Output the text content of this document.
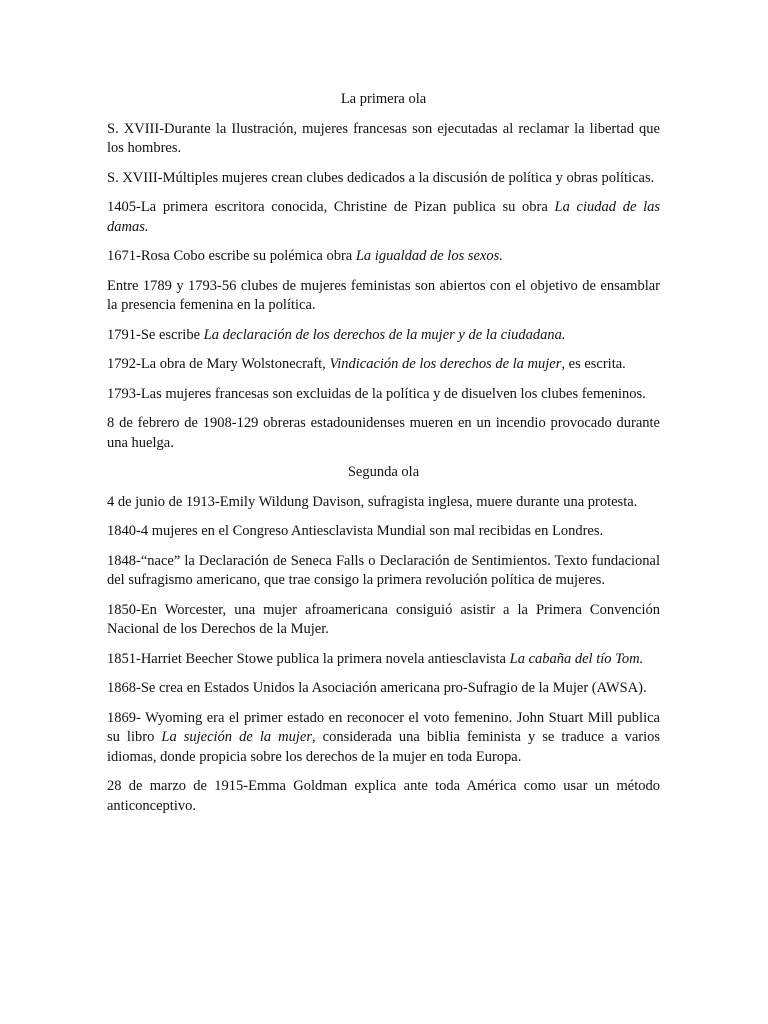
La primera ola

S. XVIII-Durante la Ilustración, mujeres francesas son ejecutadas al reclamar la libertad que los hombres.

S. XVIII-Múltiples mujeres crean clubes dedicados a la discusión de política y obras políticas.

1405-La primera escritora conocida, Christine de Pizan publica su obra La ciudad de las damas.

1671-Rosa Cobo escribe su polémica obra La igualdad de los sexos.

Entre 1789 y 1793-56 clubes de mujeres feministas son abiertos con el objetivo de ensamblar la presencia femenina en la política.

1791-Se escribe La declaración de los derechos de la mujer y de la ciudadana.

1792-La obra de Mary Wolstonecraft, Vindicación de los derechos de la mujer, es escrita.

1793-Las mujeres francesas son excluidas de la política y de disuelven los clubes femeninos.

8 de febrero de 1908-129 obreras estadounidenses mueren en un incendio provocado durante una huelga.

Segunda ola

4 de junio de 1913-Emily Wildung Davison, sufragista inglesa, muere durante una protesta.

1840-4 mujeres en el Congreso Antiesclavista Mundial son mal recibidas en Londres.

1848-“nace” la Declaración de Seneca Falls o Declaración de Sentimientos. Texto fundacional del sufragismo americano, que trae consigo la primera revolución política de mujeres.

1850-En Worcester, una mujer afroamericana consiguió asistir a la Primera Convención Nacional de los Derechos de la Mujer.

1851-Harriet Beecher Stowe publica la primera novela antiesclavista La cabaña del tío Tom.

1868-Se crea en Estados Unidos la Asociación americana pro-Sufragio de la Mujer (AWSA).

1869- Wyoming era el primer estado en reconocer el voto femenino. John Stuart Mill publica su libro La sujeción de la mujer, considerada una biblia feminista y se traduce a varios idiomas, donde propicia sobre los derechos de la mujer en toda Europa.

28 de marzo de 1915-Emma Goldman explica ante toda América como usar un método anticonceptivo.
